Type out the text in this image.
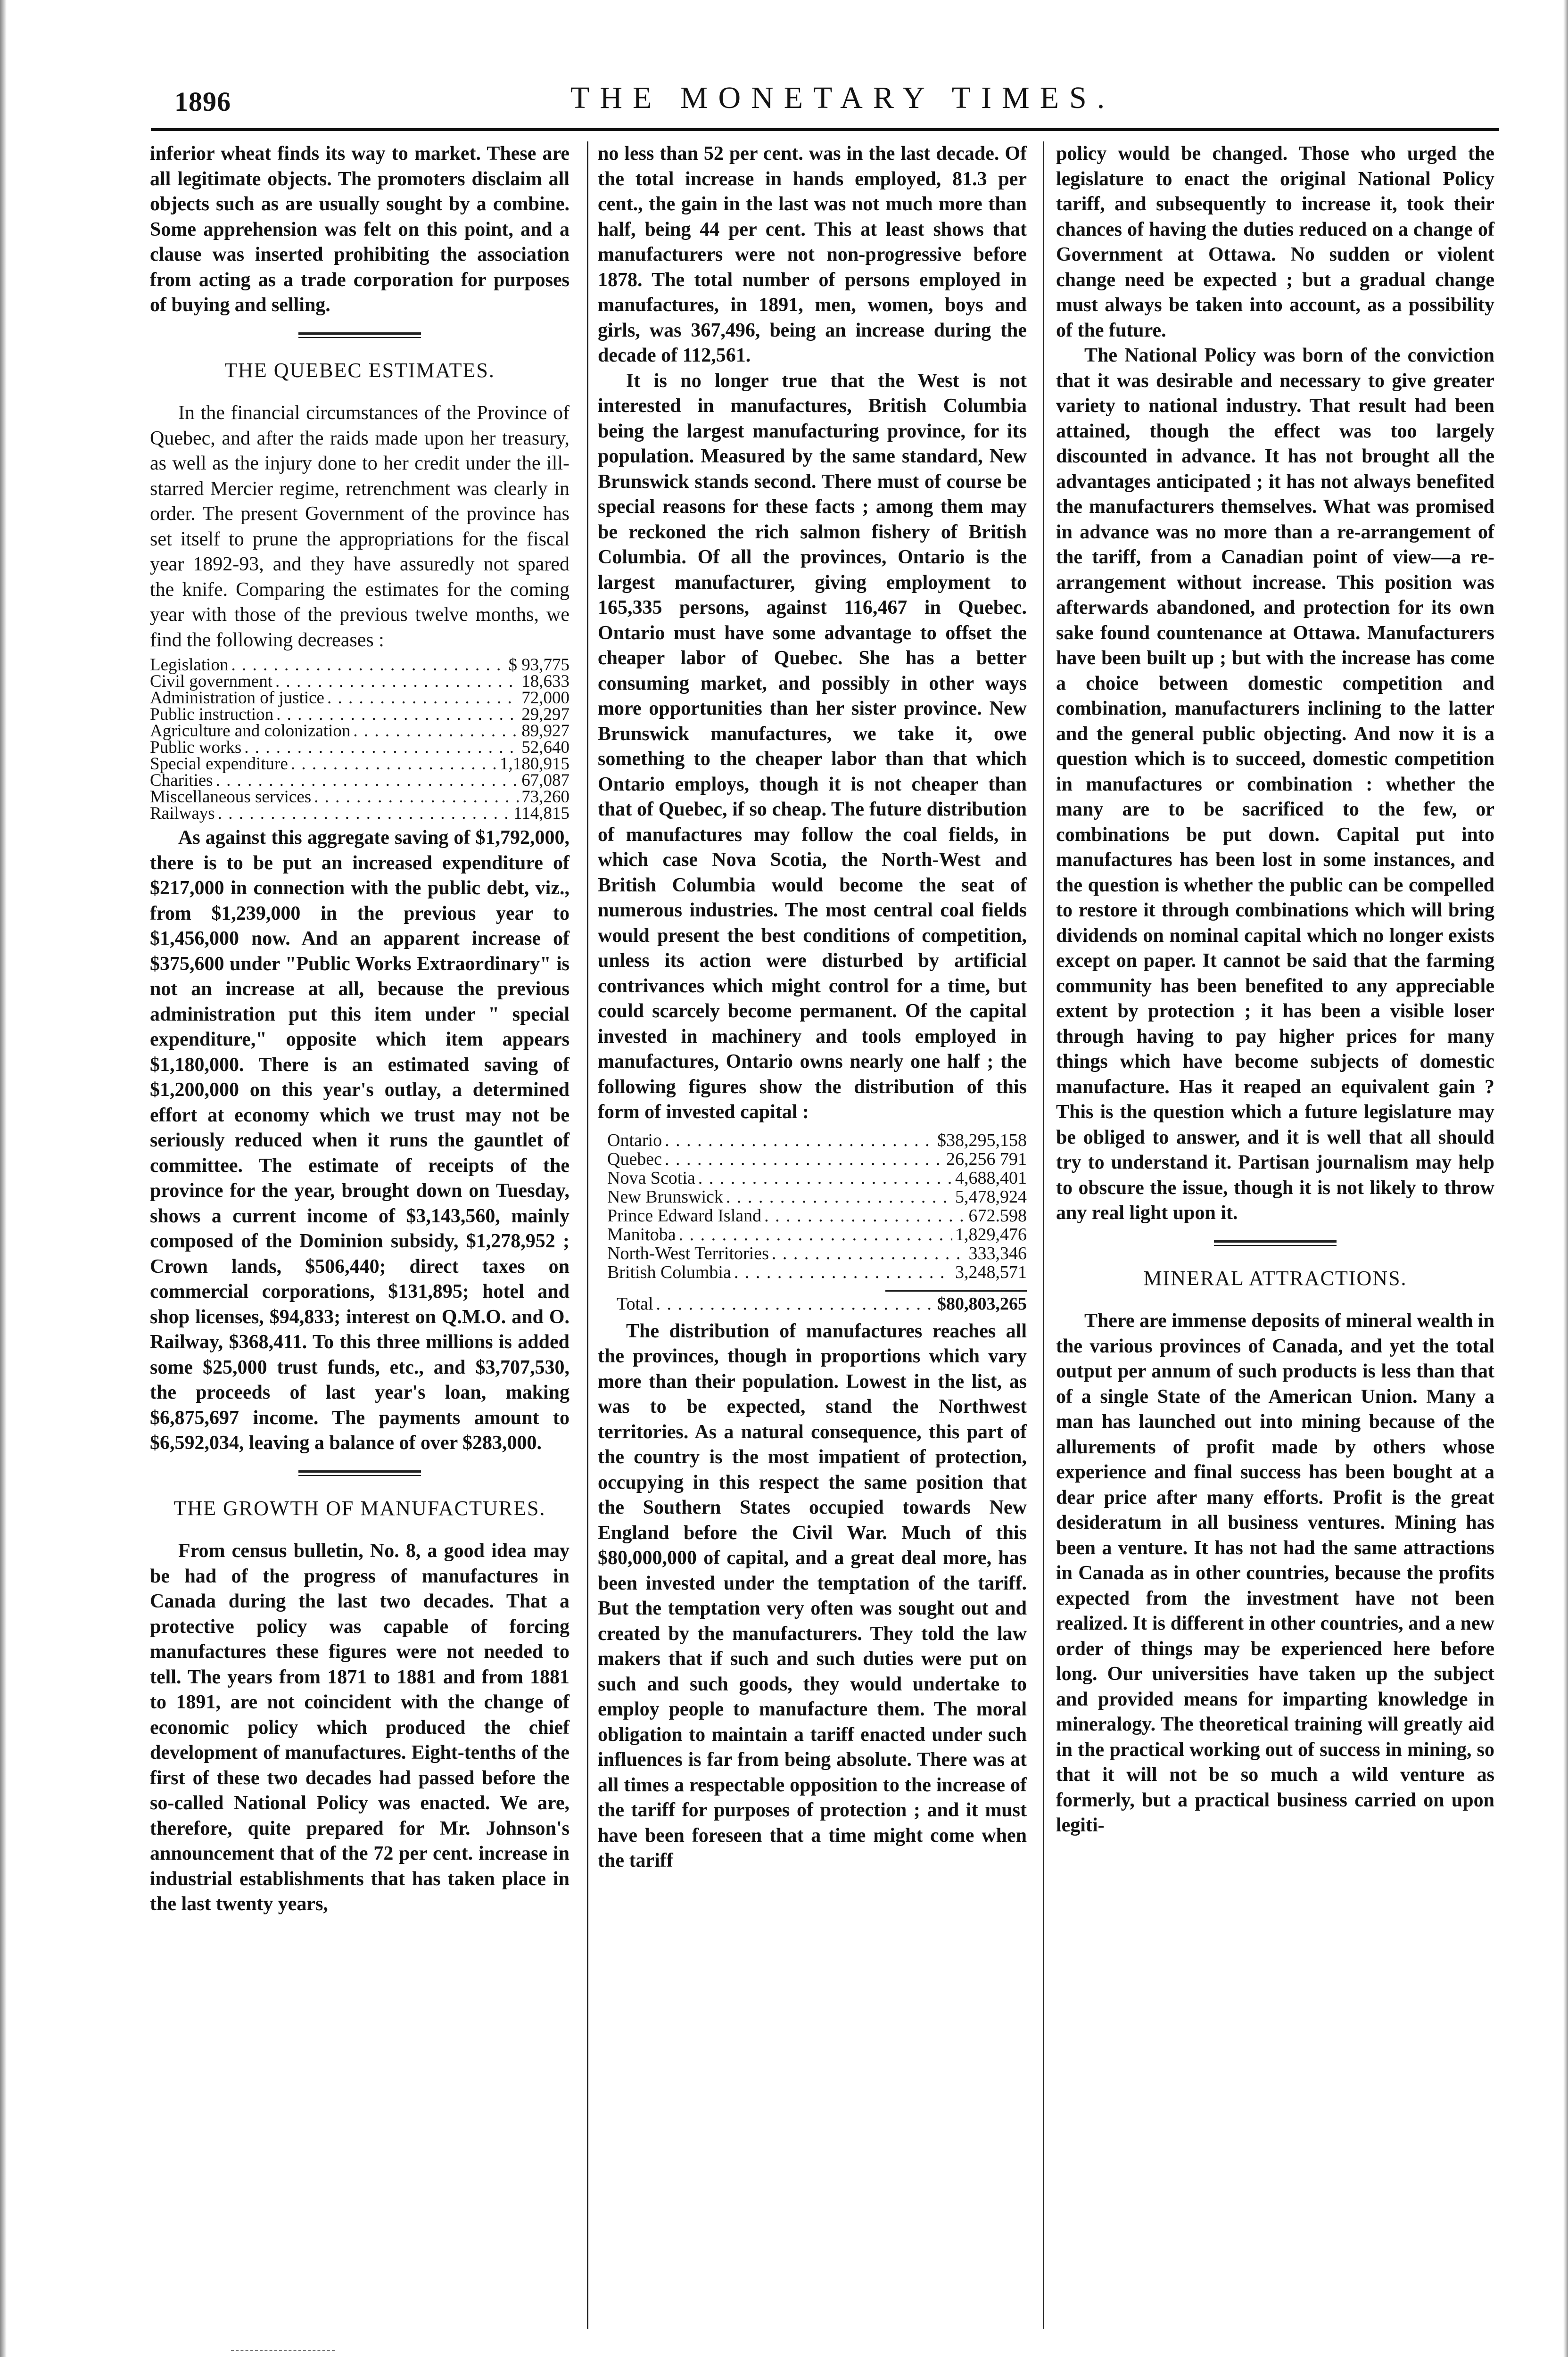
1896	THE MONETARY TIMES.

inferior wheat finds its way to market. These are all legitimate objects. The promoters disclaim all objects such as are usually sought by a combine. Some apprehension was felt on this point, and a clause was inserted prohibiting the association from acting as a trade corporation for purposes of buying and selling.

THE QUEBEC ESTIMATES.

In the financial circumstances of the Province of Quebec, and after the raids made upon her treasury, as well as the injury done to her credit under the ill-starred Mercier regime, retrenchment was clearly in order. The present Government of the province has set itself to prune the appropriations for the fiscal year 1892-93, and they have assuredly not spared the knife. Comparing the estimates for the coming year with those of the previous twelve months, we find the following decreases :

Legislation . . .	$ 93,775
Civil government . . .	18,633
Administration of justice . . .	72,000
Public instruction . . .	29,297
Agriculture and colonization . . .	89,927
Public works . . .	52,640
Special expenditure . . .	1,180,915
Charities . . .	67,087
Miscellaneous services . . .	73,260
Railways . . .	114,815

As against this aggregate saving of $1,792,000, there is to be put an increased expenditure of $217,000 in connection with the public debt, viz., from $1,239,000 in the previous year to $1,456,000 now. And an apparent increase of $375,600 under "Public Works Extraordinary" is not an increase at all, because the previous administration put this item under " special expenditure," opposite which item appears $1,180,000. There is an estimated saving of $1,200,000 on this year's outlay, a determined effort at economy which we trust may not be seriously reduced when it runs the gauntlet of committee. The estimate of receipts of the province for the year, brought down on Tuesday, shows a current income of $3,143,560, mainly composed of the Dominion subsidy, $1,278,952 ; Crown lands, $506,440; direct taxes on commercial corporations, $131,895; hotel and shop licenses, $94,833; interest on Q.M.O. and O. Railway, $368,411. To this three millions is added some $25,000 trust funds, etc., and $3,707,530, the proceeds of last year's loan, making $6,875,697 income. The payments amount to $6,592,034, leaving a balance of over $283,000.

THE GROWTH OF MANUFACTURES.

From census bulletin, No. 8, a good idea may be had of the progress of manufactures in Canada during the last two decades. That a protective policy was capable of forcing manufactures these figures were not needed to tell. The years from 1871 to 1881 and from 1881 to 1891, are not coincident with the change of economic policy which produced the chief development of manufactures. Eight-tenths of the first of these two decades had passed before the so-called National Policy was enacted. We are, therefore, quite prepared for Mr. Johnson's announcement that of the 72 per cent. increase in industrial establishments that has taken place in the last twenty years,

no less than 52 per cent. was in the last decade. Of the total increase in hands employed, 81.3 per cent., the gain in the last was not much more than half, being 44 per cent. This at least shows that manufacturers were not non-progressive before 1878. The total number of persons employed in manufactures, in 1891, men, women, boys and girls, was 367,496, being an increase during the decade of 112,561.

It is no longer true that the West is not interested in manufactures, British Columbia being the largest manufacturing province, for its population. Measured by the same standard, New Brunswick stands second. There must of course be special reasons for these facts ; among them may be reckoned the rich salmon fishery of British Columbia. Of all the provinces, Ontario is the largest manufacturer, giving employment to 165,335 persons, against 116,467 in Quebec. Ontario must have some advantage to offset the cheaper labor of Quebec. She has a better consuming market, and possibly in other ways more opportunities than her sister province. New Brunswick manufactures, we take it, owe something to the cheaper labor than that which Ontario employs, though it is not cheaper than that of Quebec, if so cheap. The future distribution of manufactures may follow the coal fields, in which case Nova Scotia, the North-West and British Columbia would become the seat of numerous industries. The most central coal fields would present the best conditions of competition, unless its action were disturbed by artificial contrivances which might control for a time, but could scarcely become permanent. Of the capital invested in machinery and tools employed in manufactures, Ontario owns nearly one half ; the following figures show the distribution of this form of invested capital :

Ontario . . .	$38,295,158
Quebec . . .	26,256 791
Nova Scotia . . .	4,688,401
New Brunswick . . .	5,478,924
Prince Edward Island . . .	672.598
Manitoba . . .	1,829,476
North-West Territories . . .	333,346
British Columbia . . .	3,248,571
Total . . .	$80,803,265

The distribution of manufactures reaches all the provinces, though in proportions which vary more than their population. Lowest in the list, as was to be expected, stand the Northwest territories. As a natural consequence, this part of the country is the most impatient of protection, occupying in this respect the same position that the Southern States occupied towards New England before the Civil War. Much of this $80,000,000 of capital, and a great deal more, has been invested under the temptation of the tariff. But the temptation very often was sought out and created by the manufacturers. They told the law makers that if such and such duties were put on such and such goods, they would undertake to employ people to manufacture them. The moral obligation to maintain a tariff enacted under such influences is far from being absolute. There was at all times a respectable opposition to the increase of the tariff for purposes of protection ; and it must have been foreseen that a time might come when the tariff

policy would be changed. Those who urged the legislature to enact the original National Policy tariff, and subsequently to increase it, took their chances of having the duties reduced on a change of Government at Ottawa. No sudden or violent change need be expected ; but a gradual change must always be taken into account, as a possibility of the future.

The National Policy was born of the conviction that it was desirable and necessary to give greater variety to national industry. That result had been attained, though the effect was too largely discounted in advance. It has not brought all the advantages anticipated ; it has not always benefited the manufacturers themselves. What was promised in advance was no more than a re-arrangement of the tariff, from a Canadian point of view—a re-arrangement without increase. This position was afterwards abandoned, and protection for its own sake found countenance at Ottawa. Manufacturers have been built up ; but with the increase has come a choice between domestic competition and combination, manufacturers inclining to the latter and the general public objecting. And now it is a question which is to succeed, domestic competition in manufactures or combination : whether the many are to be sacrificed to the few, or combinations be put down. Capital put into manufactures has been lost in some instances, and the question is whether the public can be compelled to restore it through combinations which will bring dividends on nominal capital which no longer exists except on paper. It cannot be said that the farming community has been benefited to any appreciable extent by protection ; it has been a visible loser through having to pay higher prices for many things which have become subjects of domestic manufacture. Has it reaped an equivalent gain ? This is the question which a future legislature may be obliged to answer, and it is well that all should try to understand it. Partisan journalism may help to obscure the issue, though it is not likely to throw any real light upon it.

MINERAL ATTRACTIONS.

There are immense deposits of mineral wealth in the various provinces of Canada, and yet the total output per annum of such products is less than that of a single State of the American Union. Many a man has launched out into mining because of the allurements of profit made by others whose experience and final success has been bought at a dear price after many efforts. Profit is the great desideratum in all business ventures. Mining has been a venture. It has not had the same attractions in Canada as in other countries, because the profits expected from the investment have not been realized. It is different in other countries, and a new order of things may be experienced here before long. Our universities have taken up the subject and provided means for imparting knowledge in mineralogy. The theoretical training will greatly aid in the practical working out of success in mining, so that it will not be so much a wild venture as formerly, but a practical business carried on upon legiti-
